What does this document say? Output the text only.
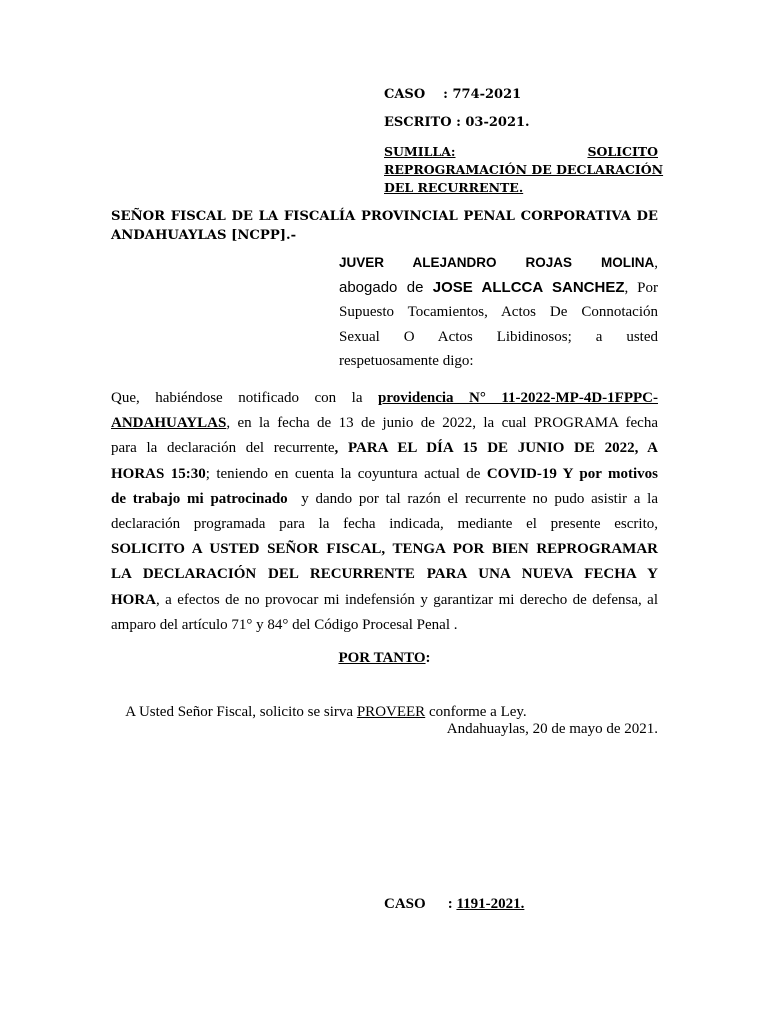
CASO : 774-2021
ESCRITO : 03-2021.
SUMILLA:	SOLICITO
REPROGRAMACIÓN DE DECLARACIÓN
DEL RECURRENTE.
SEÑOR FISCAL DE LA FISCALÍA PROVINCIAL PENAL CORPORATIVA DE
ANDAHUAYLAS [NCPP].-
JUVER ALEJANDRO ROJAS MOLINA,
abogado de JOSE ALLCCA SANCHEZ, Por
Supuesto Tocamientos, Actos De Connotación
Sexual O Actos Libidinosos; a usted
respetuosamente digo:
Que, habiéndose notificado con la providencia N° 11-2022-MP-4D-1FPPC-
ANDAHUAYLAS, en la fecha de 13 de junio de 2022, la cual PROGRAMA fecha
para la declaración del recurrente, PARA EL DÍA 15 DE JUNIO DE 2022, A
HORAS 15:30; teniendo en cuenta la coyuntura actual de COVID-19 Y por motivos
de trabajo mi patrocinado  y dando por tal razón el recurrente no pudo asistir a la
declaración programada para la fecha indicada, mediante el presente escrito,
SOLICITO A USTED SEÑOR FISCAL, TENGA POR BIEN REPROGRAMAR
LA DECLARACIÓN DEL RECURRENTE PARA UNA NUEVA FECHA Y
HORA, a efectos de no provocar mi indefensión y garantizar mi derecho de defensa, al
amparo del artículo 71° y 84° del Código Procesal Penal .
POR TANTO:

A Usted Señor Fiscal, solicito se sirva PROVEER conforme a Ley.

Andahuaylas, 20 de mayo de 2021.
CASO : 1191-2021.
